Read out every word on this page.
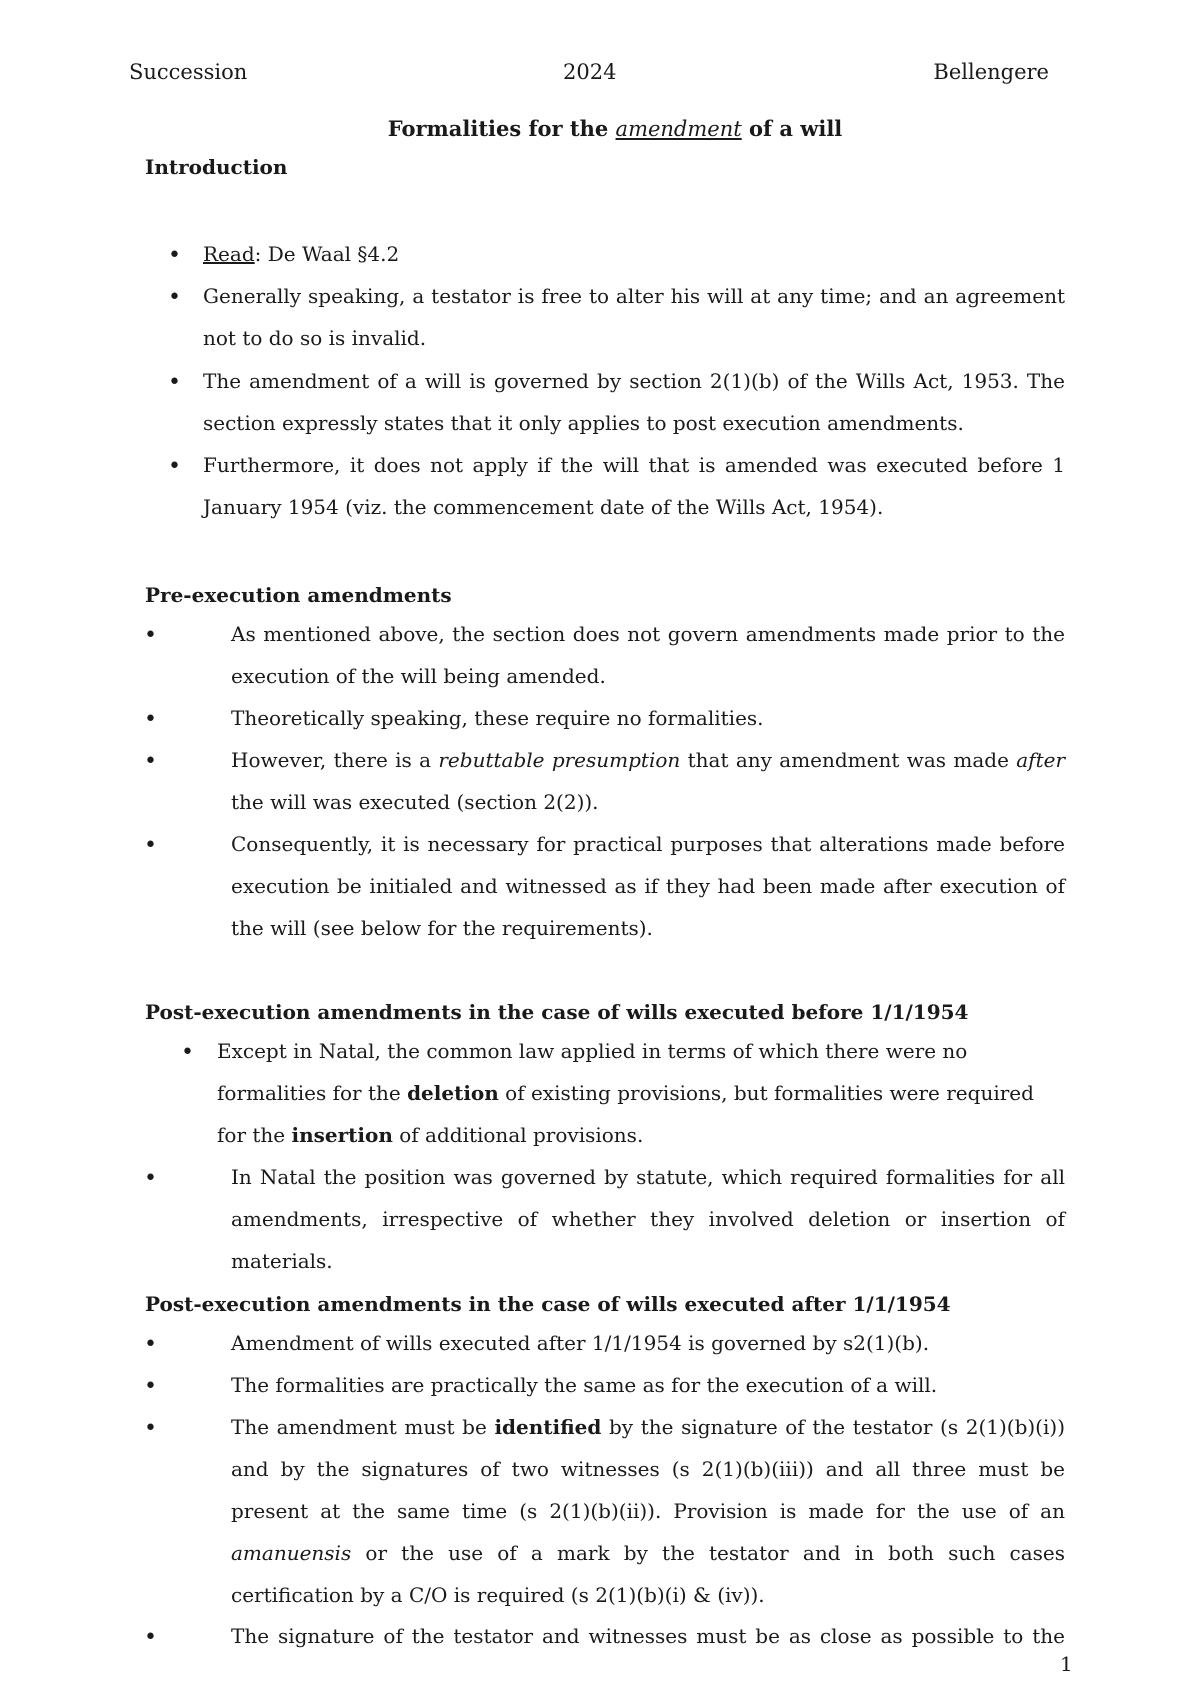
Succession	2024	Bellengere
Formalities for the amendment of a will
Introduction
• Read: De Waal §4.2
• Generally speaking, a testator is free to alter his will at any time; and an agreement not to do so is invalid.
• The amendment of a will is governed by section 2(1)(b) of the Wills Act, 1953. The section expressly states that it only applies to post execution amendments.
• Furthermore, it does not apply if the will that is amended was executed before 1 January 1954 (viz. the commencement date of the Wills Act, 1954).
Pre-execution amendments
•	As mentioned above, the section does not govern amendments made prior to the execution of the will being amended.
•	Theoretically speaking, these require no formalities.
•	However, there is a rebuttable presumption that any amendment was made after the will was executed (section 2(2)).
•	Consequently, it is necessary for practical purposes that alterations made before execution be initialed and witnessed as if they had been made after execution of the will (see below for the requirements).
Post-execution amendments in the case of wills executed before 1/1/1954
• Except in Natal, the common law applied in terms of which there were no formalities for the deletion of existing provisions, but formalities were required for the insertion of additional provisions.
•	In Natal the position was governed by statute, which required formalities for all amendments, irrespective of whether they involved deletion or insertion of materials.
Post-execution amendments in the case of wills executed after 1/1/1954
•	Amendment of wills executed after 1/1/1954 is governed by s2(1)(b).
•	The formalities are practically the same as for the execution of a will.
•	The amendment must be identified by the signature of the testator (s 2(1)(b)(i)) and by the signatures of two witnesses (s 2(1)(b)(iii)) and all three must be present at the same time (s 2(1)(b)(ii)). Provision is made for the use of an amanuensis or the use of a mark by the testator and in both such cases certification by a C/O is required (s 2(1)(b)(i) & (iv)).
•	The signature of the testator and witnesses must be as close as possible to the
1
